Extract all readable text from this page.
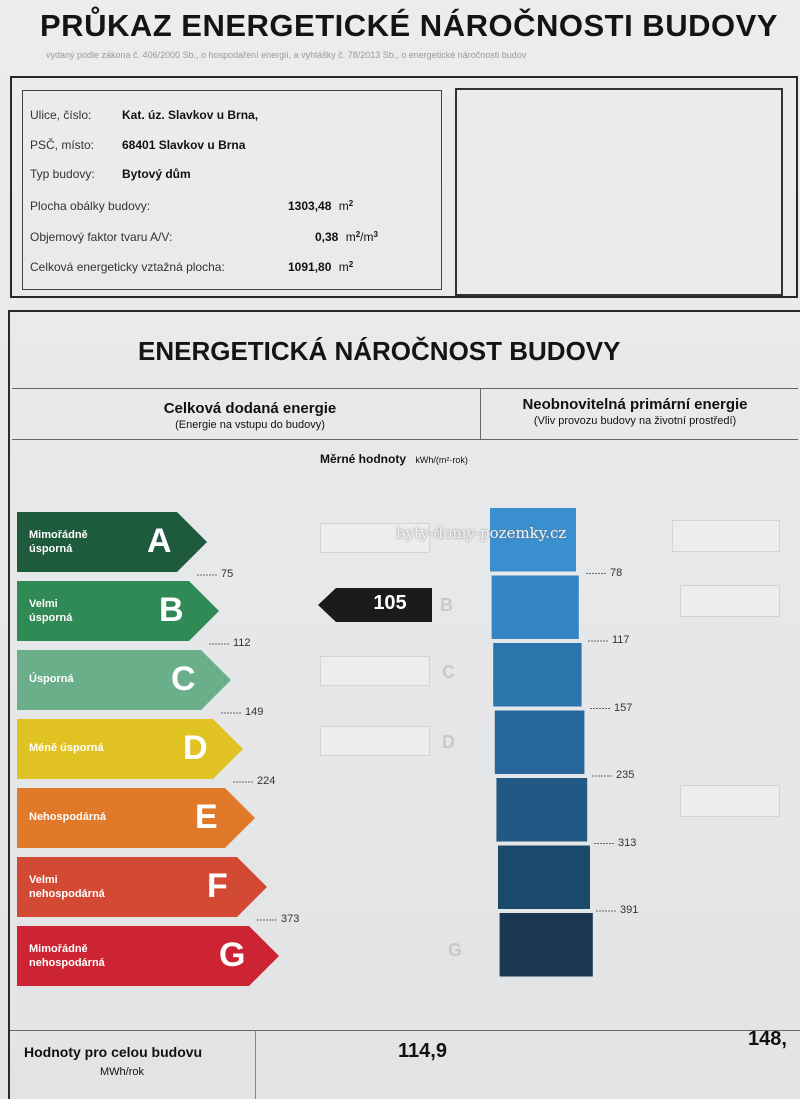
PRŮKAZ ENERGETICKÉ NÁROČNOSTI BUDOVY
vydaný podle zákona č. 406/2000 Sb., o hospodaření energií, a vyhlášky č. 78/2013 Sb., o energetické náročnosti budov
Ulice, číslo:	Kat. úz. Slavkov u Brna,
PSČ, místo: 68401 Slavkov u Brna
Typ budovy: Bytový dům
Plocha obálky budovy:	1303,48 $m^2$
Objemový faktor tvaru A/V:	0,38 $m^2/m^3$
Celková energeticky vztažná plocha:	1091,80 $m^2$
ENERGETICKÁ NÁROČNOST BUDOVY
Celková dodaná energie
(Energie na vstupu do budovy)
Neobnovitelná primární energie
(Vliv provozu budovy na životní prostředí)
Měrné hodnoty kWh/(m²·rok)
B
C
D
G
Mimořádně
úsporná	A
Velmi
úsporná	B
Úsporná	C
Méně úsporná D
Nehospodárná	E
Velmi
nehospodárná	F
Mimořádně
nehospodárná	G
75
112
149
224
373
78
117
157
235
313
391
105
byty-domy-pozemky.cz
Hodnoty pro celou budovu
MWh/rok
114,9
148,
